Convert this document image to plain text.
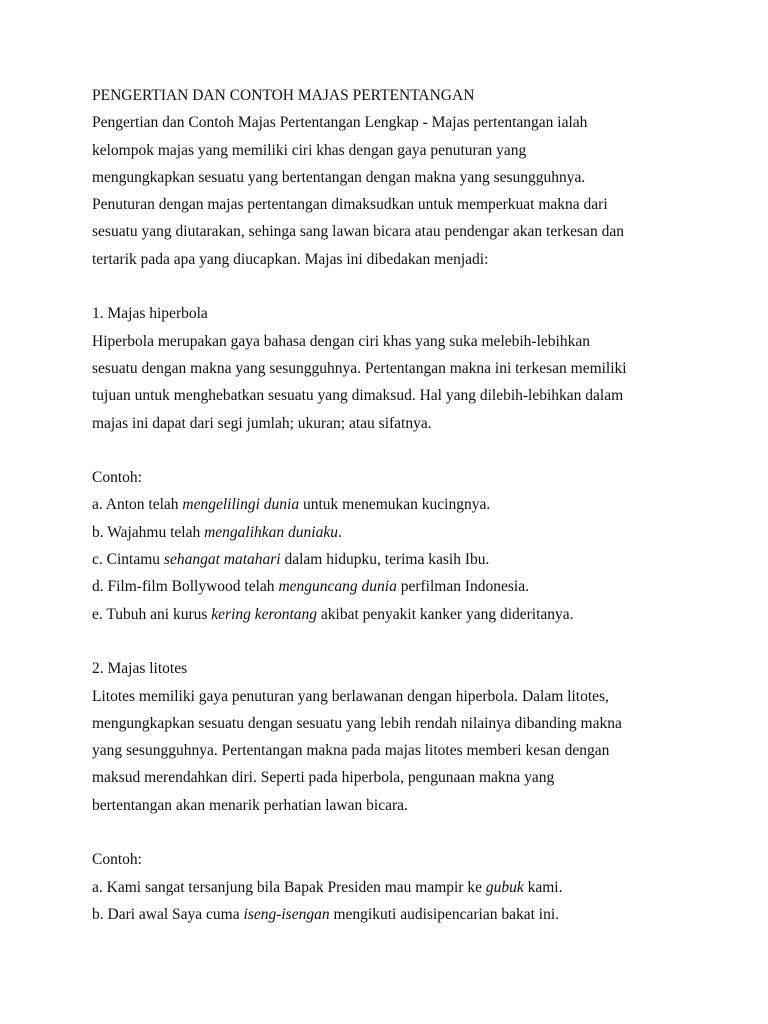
PENGERTIAN DAN CONTOH MAJAS PERTENTANGAN
Pengertian dan Contoh Majas Pertentangan Lengkap - Majas pertentangan ialah
kelompok majas yang memiliki ciri khas dengan gaya penuturan yang
mengungkapkan sesuatu yang bertentangan dengan makna yang sesungguhnya.
Penuturan dengan majas pertentangan dimaksudkan untuk memperkuat makna dari
sesuatu yang diutarakan, sehinga sang lawan bicara atau pendengar akan terkesan dan
tertarik pada apa yang diucapkan. Majas ini dibedakan menjadi:
1. Majas hiperbola
Hiperbola merupakan gaya bahasa dengan ciri khas yang suka melebih-lebihkan
sesuatu dengan makna yang sesungguhnya. Pertentangan makna ini terkesan memiliki
tujuan untuk menghebatkan sesuatu yang dimaksud. Hal yang dilebih-lebihkan dalam
majas ini dapat dari segi jumlah; ukuran; atau sifatnya.
Contoh:
a. Anton telah mengelilingi dunia untuk menemukan kucingnya.
b. Wajahmu telah mengalihkan duniaku.
c. Cintamu sehangat matahari dalam hidupku, terima kasih Ibu.
d. Film-film Bollywood telah menguncang dunia perfilman Indonesia.
e. Tubuh ani kurus kering kerontang akibat penyakit kanker yang dideritanya.
2. Majas litotes
Litotes memiliki gaya penuturan yang berlawanan dengan hiperbola. Dalam litotes,
mengungkapkan sesuatu dengan sesuatu yang lebih rendah nilainya dibanding makna
yang sesungguhnya. Pertentangan makna pada majas litotes memberi kesan dengan
maksud merendahkan diri. Seperti pada hiperbola, pengunaan makna yang
bertentangan akan menarik perhatian lawan bicara.
Contoh:
a. Kami sangat tersanjung bila Bapak Presiden mau mampir ke gubuk kami.
b. Dari awal Saya cuma iseng-isengan mengikuti audisipencarian bakat ini.
